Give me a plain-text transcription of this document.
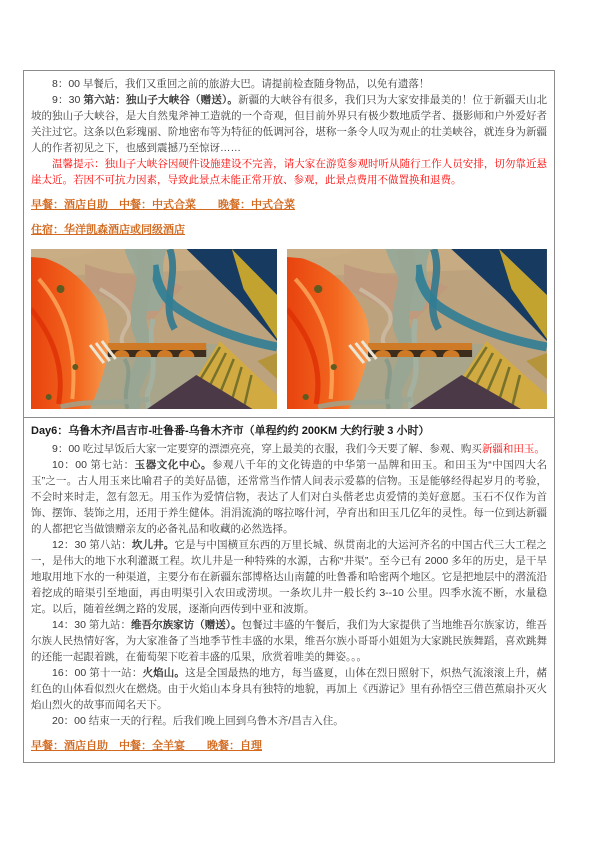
8：00 早餐后，我们又重回之前的旅游大巴。请提前检查随身物品，以免有遗落！

9：30 第六站：独山子大峡谷（赠送）。新疆的大峡谷有很多，我们只为大家安排最美的！位于新疆天山北坡的独山子大峡谷，是大自然鬼斧神工造就的一个奇观，但目前外界只有极少数地质学者、摄影师和户外爱好者关注过它。这条以色彩瑰丽、阶地密布等为特征的低调河谷，堪称一条令人叹为观止的壮美峡谷，就连身为新疆人的作者初见之下，也感到震撼乃至惊讶……

温馨提示：独山子大峡谷因硬件设施建设不完善，请大家在游览参观时听从随行工作人员安排，切勿靠近悬崖太近。若因不可抗力因素，导致此景点未能正常开放、参观，此景点费用不做置换和退费。

早餐：酒店自助　中餐：中式合菜　　晚餐：中式合菜

住宿：华洋凯森酒店或同级酒店

Day6：乌鲁木齐/昌吉市-吐鲁番-乌鲁木齐市（单程约约 200KM 大约行驶 3 小时）

9：00 吃过早饭后大家一定要穿的漂漂亮亮，穿上最美的衣服，我们今天要了解、参观、购买新疆和田玉。

10：00 第七站：玉器文化中心。参观八千年的文化铸造的中华第一品牌和田玉。和田玉为“中国四大名玉”之一。古人用玉来比喻君子的美好品德，还常常当作情人间表示爱慕的信物。玉是能够经得起岁月的考验，不会时来时走，忽有忽无。用玉作为爱情信物，表达了人们对白头偕老忠贞爱情的美好意愿。玉石不仅作为首饰、摆饰、装饰之用，还用于养生健体。涓涓流淌的喀拉喀什河，孕育出和田玉几亿年的灵性。每一位到达新疆的人都把它当做馈赠亲友的必备礼品和收藏的必然选择。

12：30 第八站：坎儿井。它是与中国横亘东西的万里长城、纵贯南北的大运河齐名的中国古代三大工程之一，是伟大的地下水利灌溉工程。坎儿井是一种特殊的水源，古称“井渠”。至今已有 2000 多年的历史，是干旱地取用地下水的一种渠道，主要分布在新疆东部博格达山南麓的吐鲁番和哈密两个地区。它是把地层中的潜流沿着挖成的暗渠引至地面，再由明渠引入农田或涝坝。一条坎儿井一般长约 3--10 公里。四季水流不断，水量稳定。以后，随着丝绸之路的发展，逐渐向西传到中亚和波斯。

14：30 第九站：维吾尔族家访（赠送）。包餐过丰盛的午餐后，我们为大家提供了当地维吾尔族家访，维吾尔族人民热情好客，为大家准备了当地季节性丰盛的水果，维吾尔族小哥哥小姐姐为大家跳民族舞蹈，喜欢跳舞的还能一起跟着跳，在葡萄架下吃着丰盛的瓜果，欣赏着唯美的舞姿。。。

16：00 第十一站：火焰山。这是全国最热的地方，每当盛夏，山体在烈日照射下，炽热气流滚滚上升，赭红色的山体看似烈火在燃烧。由于火焰山本身具有独特的地貌，再加上《西游记》里有孙悟空三借芭蕉扇扑灭火焰山烈火的故事而闻名天下。

20：00 结束一天的行程。后我们晚上回到乌鲁木齐/昌吉入住。

早餐：酒店自助　中餐：全羊宴　　晚餐：自理
